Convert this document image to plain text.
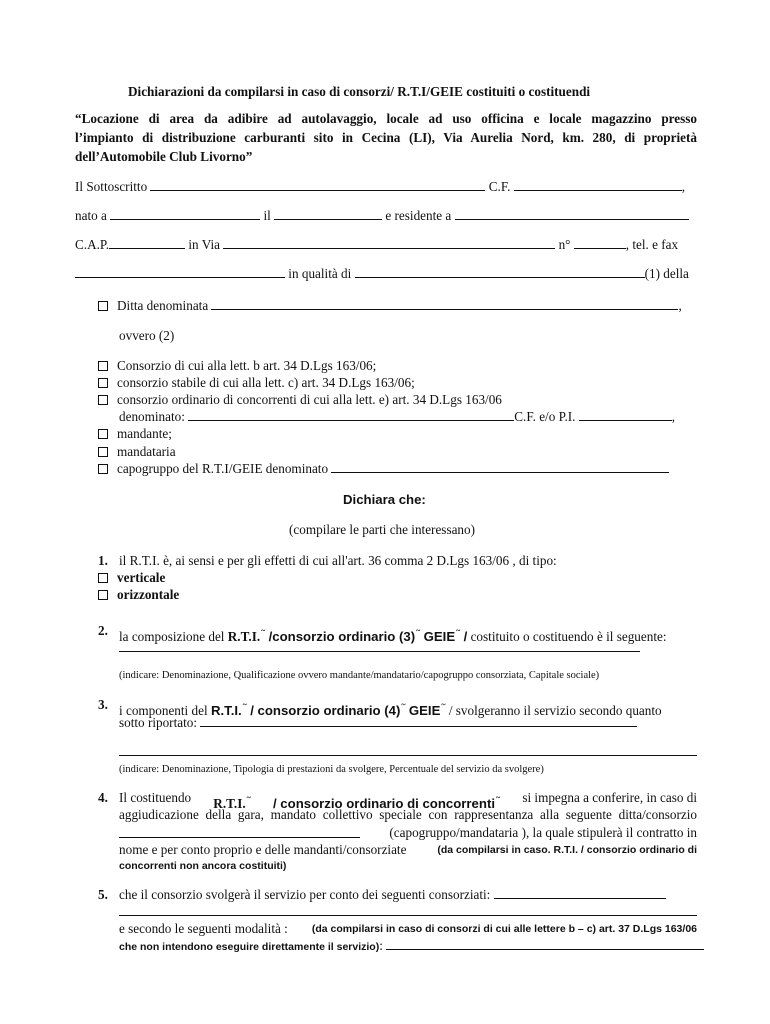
Dichiarazioni da compilarsi in caso di consorzi/ R.T.I/GEIE costituiti o costituendi
“Locazione di area da adibire ad autolavaggio, locale ad uso officina e locale magazzino presso
l’impianto di distribuzione carburanti sito in Cecina (LI), Via Aurelia Nord, km. 280, di proprietà
dell’Automobile Club Livorno”
Il Sottoscritto	C.F.	,
nato a	il	e residente a
C.A.P.	in Via	n°	, tel. e fax
in qualità di	(1) della
Ditta denominata	,
ovvero (2)
Consorzio di cui alla lett. b art. 34 D.Lgs 163/06;
consorzio stabile di cui alla lett. c) art. 34 D.Lgs 163/06;
consorzio ordinario di concorrenti di cui alla lett. e) art. 34 D.Lgs 163/06
denominato:	C.F. e/o P.I.	,
mandante;
mandataria
capogruppo del R.T.I/GEIE denominato
Dichiara che:
(compilare le parti che interessano)
1. il R.T.I. è, ai sensi e per gli effetti di cui all'art. 36 comma 2 D.Lgs 163/06 , di tipo:
verticale
orizzontale
2. la composizione del R.T.I.~ /consorzio ordinario (3)~ GEIE~ / costituito o costituendo è il seguente:
(indicare: Denominazione, Qualificazione ovvero mandante/mandatario/capogruppo consorziata, Capitale sociale)
3. i componenti del R.T.I.~ / consorzio ordinario (4)~ GEIE~ / svolgeranno il servizio secondo quanto
sotto riportato:
(indicare: Denominazione, Tipologia di prestazioni da svolgere, Percentuale del servizio da svolgere)
4. Il costituendo R.T.I.~ / consorzio ordinario di concorrenti~ si impegna a conferire, in caso di
aggiudicazione della gara, mandato collettivo speciale con rappresentanza alla seguente ditta/consorzio
(capogruppo/mandataria ), la quale stipulerà il contratto in
nome e per conto proprio e delle mandanti/consorziate	(da compilarsi in caso. R.T.I. / consorzio ordinario di
concorrenti non ancora costituiti)
5. che il consorzio svolgerà il servizio per conto dei seguenti consorziati:
e secondo le seguenti modalità : (da compilarsi in caso di consorzi di cui alle lettere b – c) art. 37 D.Lgs 163/06
che non intendono eseguire direttamente il servizio):
